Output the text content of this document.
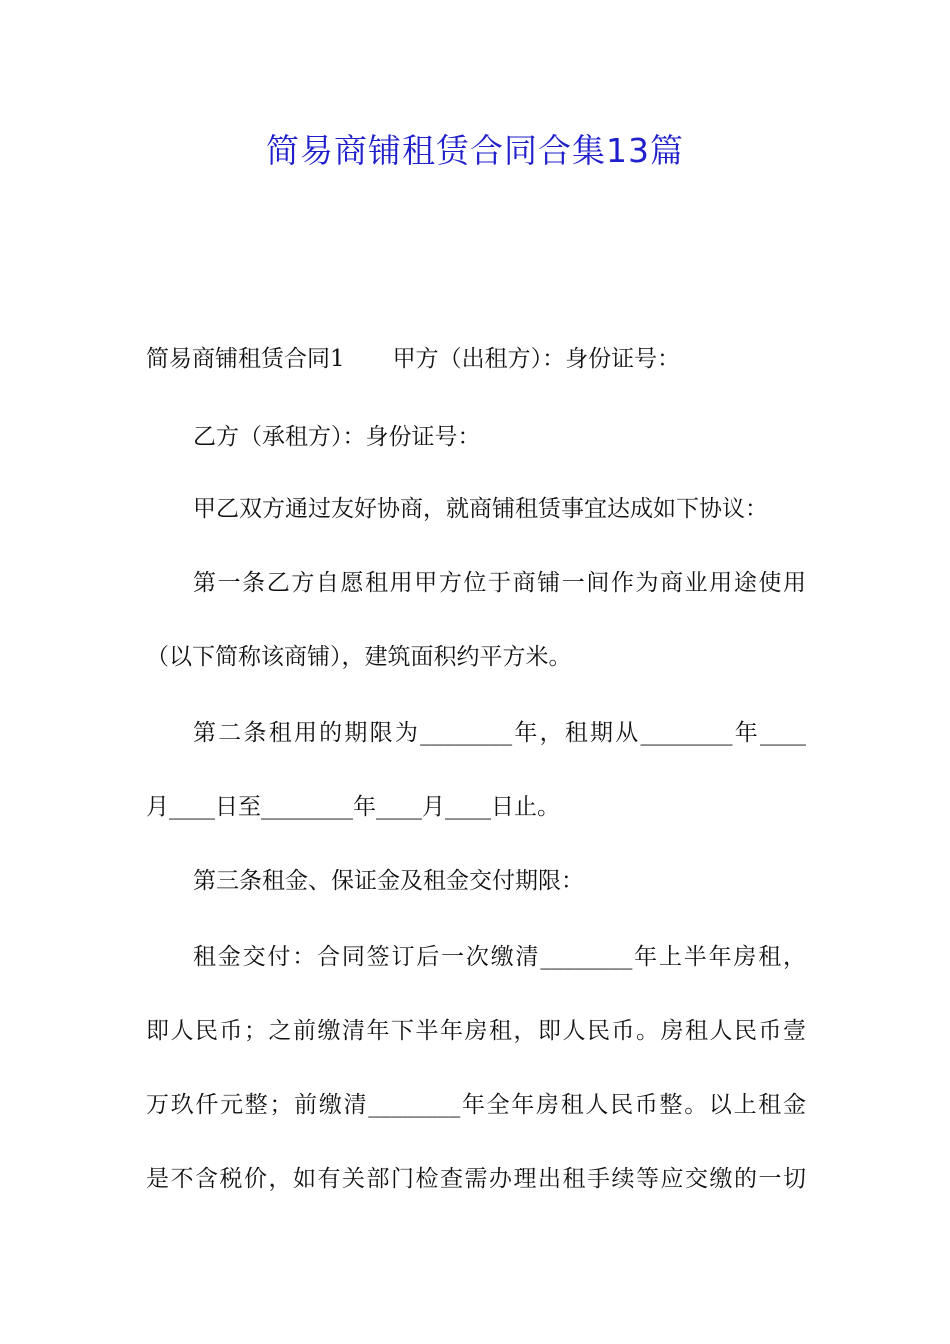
简易商铺租赁合同合集13篇
简易商铺租赁合同1 甲方（出租方）：身份证号：
乙方（承租方）：身份证号：
甲乙双方通过友好协商，就商铺租赁事宜达成如下协议：
第一条乙方自愿租用甲方位于商铺一间作为商业用途使用
（以下简称该商铺），建筑面积约平方米。
第二条租用的期限为________年，租期从________年____
月____日至________年____月____日止。
第三条租金、保证金及租金交付期限：
租金交付：合同签订后一次缴清________年上半年房租，
即人民币；之前缴清年下半年房租，即人民币。房租人民币壹
万玖仟元整；前缴清________年全年房租人民币整。以上租金
是不含税价，如有关部门检查需办理出租手续等应交缴的一切
